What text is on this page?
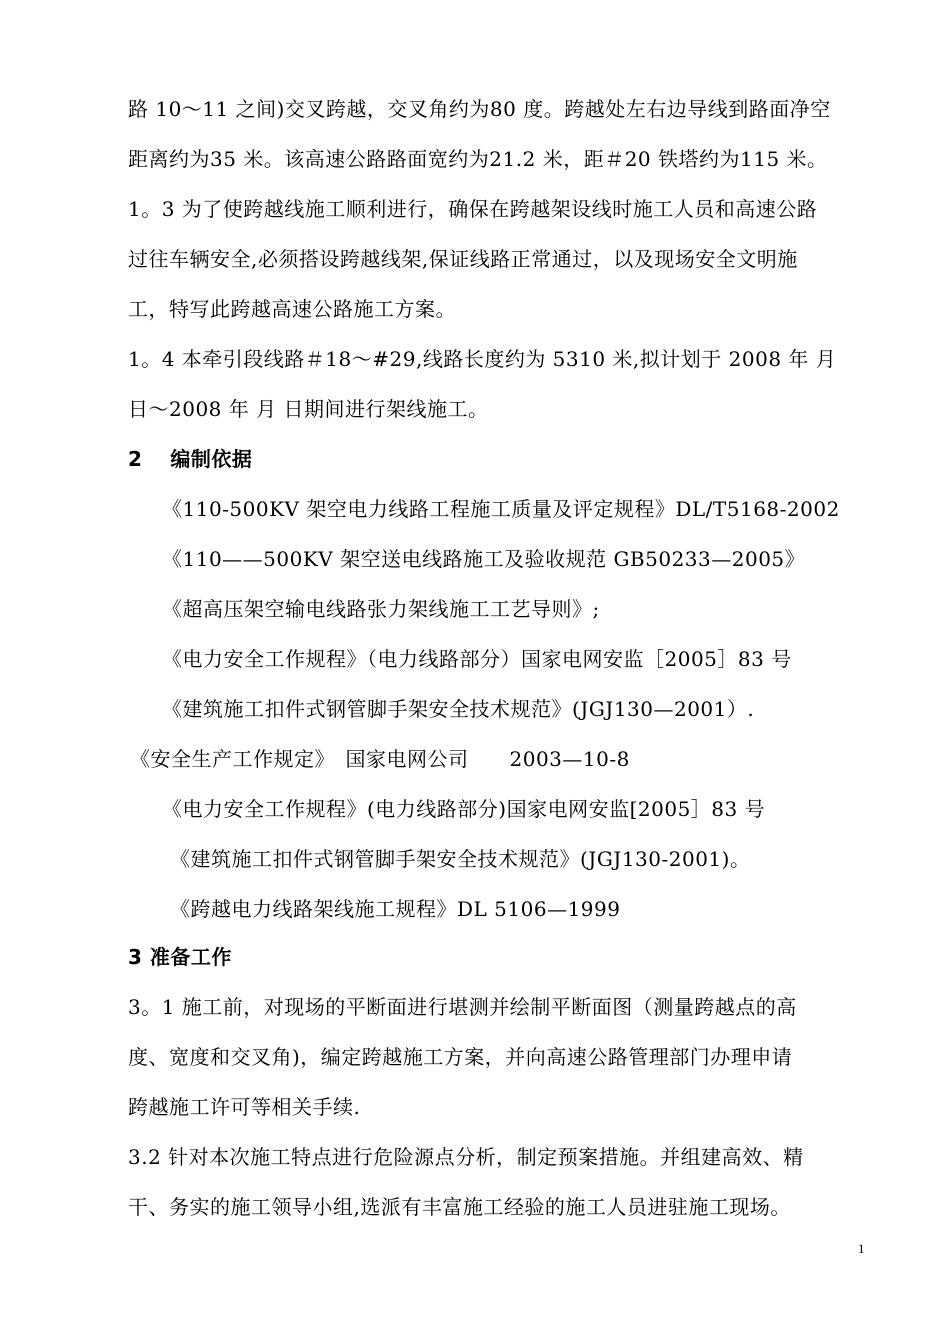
路 10～11 之间)交叉跨越，交叉角约为80 度。跨越处左右边导线到路面净空
距离约为35 米。该高速公路路面宽约为21.2 米，距＃20 铁塔约为115 米。
1。3 为了使跨越线施工顺利进行，确保在跨越架设线时施工人员和高速公路
过往车辆安全,必须搭设跨越线架,保证线路正常通过，以及现场安全文明施
工，特写此跨越高速公路施工方案。
1。4 本牵引段线路＃18～#29,线路长度约为 5310 米,拟计划于 2008 年 月
日～2008 年 月 日期间进行架线施工。
2　 编制依据
《110-500KV 架空电力线路工程施工质量及评定规程》DL/T5168-2002
《110——500KV 架空送电线路施工及验收规范 GB50233—2005》
《超高压架空输电线路张力架线施工工艺导则》;
《电力安全工作规程》（电力线路部分）国家电网安监［2005］83 号
《建筑施工扣件式钢管脚手架安全技术规范》(JGJ130—2001）.
《安全生产工作规定》　国家电网公司　　2003—10-8
《电力安全工作规程》(电力线路部分)国家电网安监[2005］83 号
《建筑施工扣件式钢管脚手架安全技术规范》(JGJ130-2001)。
《跨越电力线路架线施工规程》DL 5106—1999
3 准备工作
3。1 施工前，对现场的平断面进行堪测并绘制平断面图（测量跨越点的高
度、宽度和交叉角)，编定跨越施工方案，并向高速公路管理部门办理申请
跨越施工许可等相关手续.
3.2 针对本次施工特点进行危险源点分析，制定预案措施。并组建高效、精
干、务实的施工领导小组,选派有丰富施工经验的施工人员进驻施工现场。
1
